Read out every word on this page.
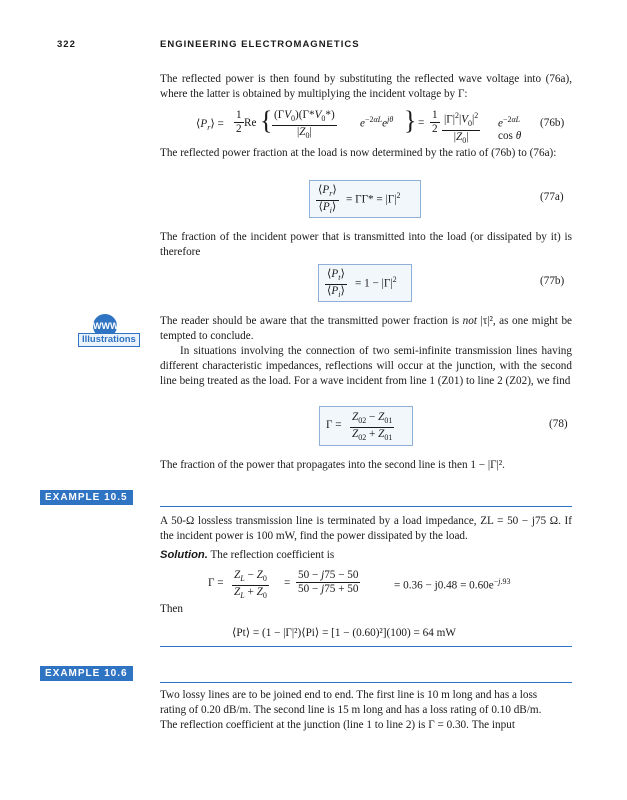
322	ENGINEERING ELECTROMAGNETICS
The reflected power is then found by substituting the reflected wave voltage into (76a), where the latter is obtained by multiplying the incident voltage by Γ:
$⟨P_r⟩ = \frac{1}{2}$ Re { $\frac{(\Gamma V_0)(\Gamma*V_0*)}{|Z_0|} e^{-2\alpha L}e^{j\theta}$ } = $\frac{1}{2} \frac{|\Gamma|^2|V_0|^2}{|Z_0|} e^{-2\alpha L}$ cos θ
(76b)
The reflected power fraction at the load is now determined by the ratio of (76b) to (76a):
$\frac{⟨P_r⟩}{⟨P_i⟩} = \Gamma\Gamma* = |\Gamma|^2$	(77a)
The fraction of the incident power that is transmitted into the load (or dissipated by it) is therefore
$\frac{⟨P_t⟩}{⟨P_i⟩} = 1 - |\Gamma|^2$	(77b)
WWW
Illustrations
The reader should be aware that the transmitted power fraction is not |τ|², as one might be tempted to conclude.
In situations involving the connection of two semi-infinite transmission lines having different characteristic impedances, reflections will occur at the junction, with the second line being treated as the load. For a wave incident from line 1 (Z01) to line 2 (Z02), we find
$\Gamma = \frac{Z_{02} - Z_{01}}{Z_{02} + Z_{01}}$	(78)
The fraction of the power that propagates into the second line is then 1 − |Γ|².
EXAMPLE 10.5
A 50-Ω lossless transmission line is terminated by a load impedance, ZL = 50 − j75 Ω. If the incident power is 100 mW, find the power dissipated by the load.
Solution. The reflection coefficient is
$\Gamma = \frac{Z_L - Z_0}{Z_L + Z_0} = \frac{50 - j75 - 50}{50 - j75 + 50}$	= $0.36 - j0.48 = 0.60e^{-j.93}$
Then
⟨Pt⟩ = (1 − |Γ|²)⟨Pi⟩ = [1 − (0.60)²](100) = 64 mW
EXAMPLE 10.6
Two lossy lines are to be joined end to end. The first line is 10 m long and has a loss
rating of 0.20 dB/m. The second line is 15 m long and has a loss rating of 0.10 dB/m.
The reflection coefficient at the junction (line 1 to line 2) is Γ = 0.30. The input
